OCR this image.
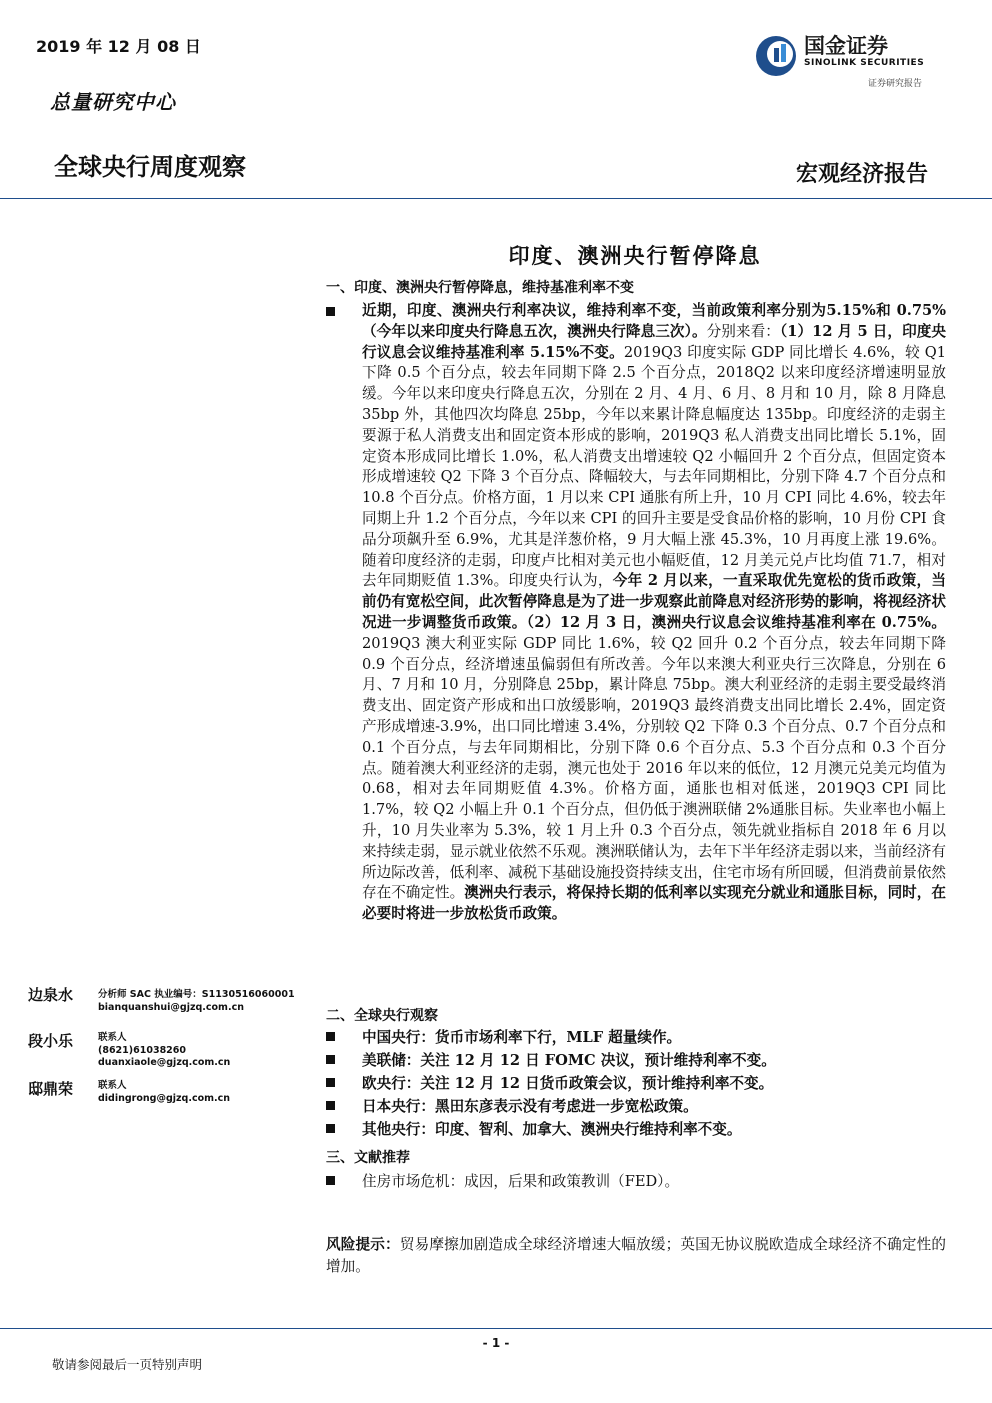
2019 年 12 月 08 日
总量研究中心
全球央行周度观察	宏观经济报告
国金证券
SINOLINK SECURITIES
证券研究报告
印度、澳洲央行暂停降息
一、印度、澳洲央行暂停降息，维持基准利率不变
近期，印度、澳洲央行利率决议，维持利率不变，当前政策利率分别为5.15%和 0.75%（今年以来印度央行降息五次，澳洲央行降息三次）。分别来看：（1）12 月 5 日，印度央行议息会议维持基准利率 5.15%不变。2019Q3 印度实际 GDP 同比增长 4.6%，较 Q1 下降 0.5 个百分点，较去年同期下降 2.5 个百分点，2018Q2 以来印度经济增速明显放缓。今年以来印度央行降息五次，分别在 2 月、4 月、6 月、8 月和 10 月，除 8 月降息 35bp 外，其他四次均降息 25bp，今年以来累计降息幅度达 135bp。印度经济的走弱主要源于私人消费支出和固定资本形成的影响，2019Q3 私人消费支出同比增长 5.1%，固定资本形成同比增长 1.0%，私人消费支出增速较 Q2 小幅回升 2 个百分点，但固定资本形成增速较 Q2 下降 3 个百分点、降幅较大，与去年同期相比，分别下降 4.7 个百分点和 10.8 个百分点。价格方面，1 月以来 CPI 通胀有所上升，10 月 CPI 同比 4.6%，较去年同期上升 1.2 个百分点，今年以来 CPI 的回升主要是受食品价格的影响，10 月份 CPI 食品分项飙升至 6.9%，尤其是洋葱价格，9 月大幅上涨 45.3%，10 月再度上涨 19.6%。随着印度经济的走弱，印度卢比相对美元也小幅贬值，12 月美元兑卢比均值 71.7，相对去年同期贬值 1.3%。印度央行认为，今年 2 月以来，一直采取优先宽松的货币政策，当前仍有宽松空间，此次暂停降息是为了进一步观察此前降息对经济形势的影响，将视经济状况进一步调整货币政策。（2）12 月 3 日，澳洲央行议息会议维持基准利率在 0.75%。2019Q3 澳大利亚实际 GDP 同比 1.6%，较 Q2 回升 0.2 个百分点，较去年同期下降 0.9 个百分点，经济增速虽偏弱但有所改善。今年以来澳大利亚央行三次降息，分别在 6 月、7 月和 10 月，分别降息 25bp，累计降息 75bp。澳大利亚经济的走弱主要受最终消费支出、固定资产形成和出口放缓影响，2019Q3 最终消费支出同比增长 2.4%，固定资产形成增速-3.9%，出口同比增速 3.4%，分别较 Q2 下降 0.3 个百分点、0.7 个百分点和 0.1 个百分点，与去年同期相比，分别下降 0.6 个百分点、5.3 个百分点和 0.3 个百分点。随着澳大利亚经济的走弱，澳元也处于 2016 年以来的低位，12 月澳元兑美元均值为 0.68，相对去年同期贬值 4.3%。价格方面，通胀也相对低迷，2019Q3 CPI 同比 1.7%，较 Q2 小幅上升 0.1 个百分点，但仍低于澳洲联储 2%通胀目标。失业率也小幅上升，10 月失业率为 5.3%，较 1 月上升 0.3 个百分点，领先就业指标自 2018 年 6 月以来持续走弱，显示就业依然不乐观。澳洲联储认为，去年下半年经济走弱以来，当前经济有所边际改善，低利率、减税下基础设施投资持续支出，住宅市场有所回暖，但消费前景依然存在不确定性。澳洲央行表示，将保持长期的低利率以实现充分就业和通胀目标，同时，在必要时将进一步放松货币政策。
二、全球央行观察
中国央行：货币市场利率下行，MLF 超量续作。
美联储：关注 12 月 12 日 FOMC 决议，预计维持利率不变。
欧央行：关注 12 月 12 日货币政策会议，预计维持利率不变。
日本央行：黑田东彦表示没有考虑进一步宽松政策。
其他央行：印度、智利、加拿大、澳洲央行维持利率不变。
三、文献推荐
住房市场危机：成因，后果和政策教训（FED）。
风险提示：贸易摩擦加剧造成全球经济增速大幅放缓；英国无协议脱欧造成全球经济不确定性的增加。
边泉水	分析师 SAC 执业编号：S1130516060001
bianquanshui@gjzq.com.cn
段小乐	联系人
(8621)61038260
duanxiaole@gjzq.com.cn
邸鼎荣	联系人
didingrong@gjzq.com.cn
- 1 -
敬请参阅最后一页特别声明
